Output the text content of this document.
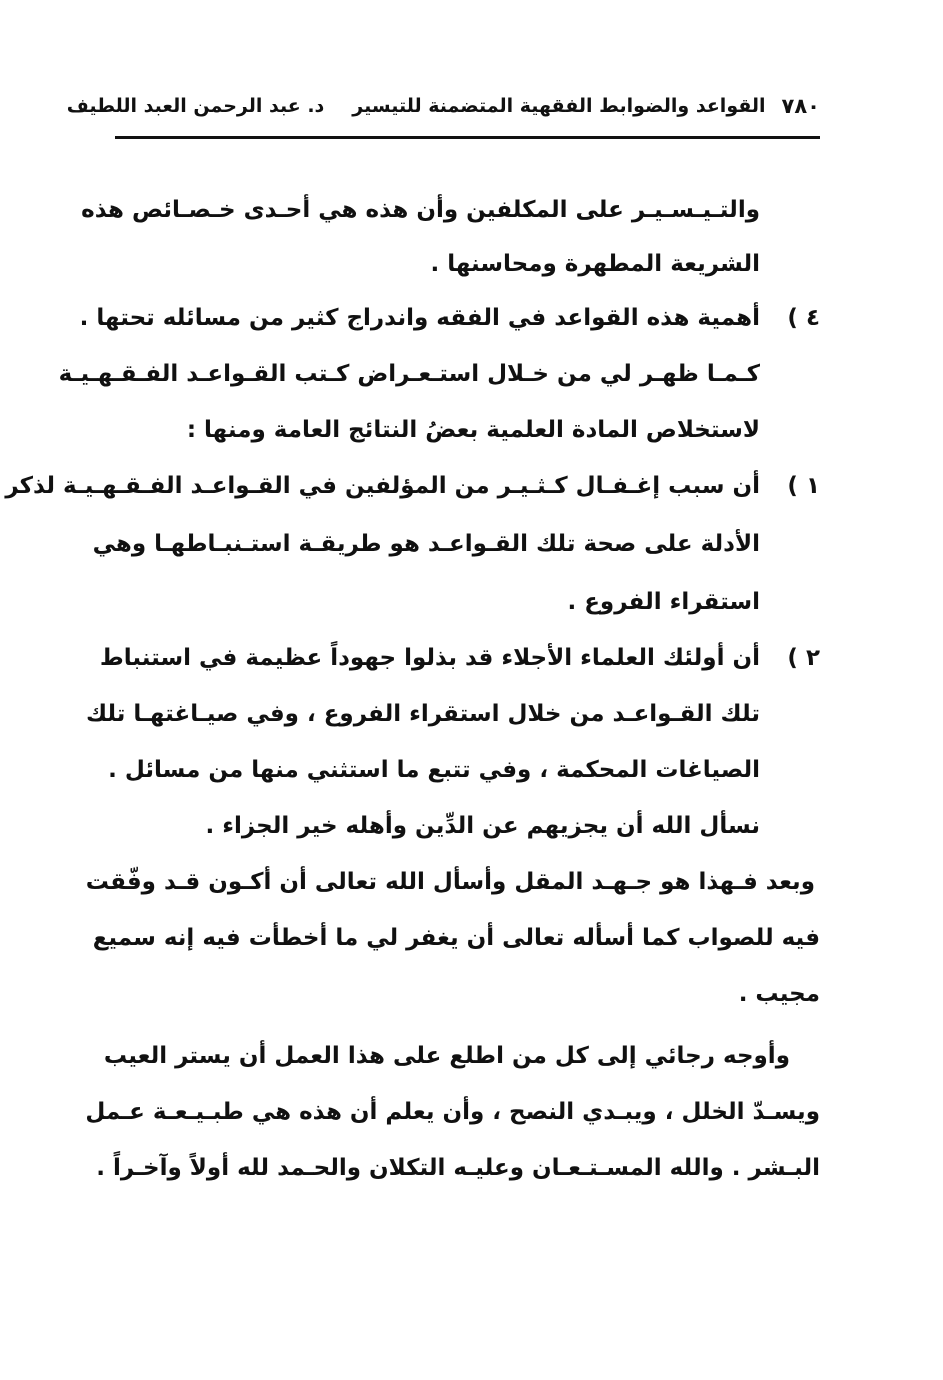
٧٨٠
القواعد والضوابط الفقهية المتضمنة للتيسير
د. عبد الرحمن العبد اللطيف
والتـيـسـيـر على المكلفين وأن هذه هي أحـدى خـصـائص هذه
الشريعة المطهرة ومحاسنها .
٤ )
أهمية هذه القواعد في الفقه واندراج كثير من مسائله تحتها .
كـمـا ظهـر لي من خـلال استـعـراض كـتب القـواعـد الفـقـهـيـة
لاستخلاص المادة العلمية بعضُ النتائج العامة ومنها :
١ )
أن سبب إغـفـال كـثـيـر من المؤلفين في القـواعـد الفـقـهـيـة لذكر
الأدلة على صحة تلك القـواعـد هو طريقـة استـنبـاطهـا وهي
استقراء الفروع .
٢ )
أن أولئك العلماء الأجلاء قد بذلوا جهوداً عظيمة في استنباط
تلك القـواعـد من خلال استقراء الفروع ، وفي صيـاغتهـا تلك
الصياغات المحكمة ، وفي تتبع ما استثني منها من مسائل .
نسأل الله أن يجزيهم عن الدِّين وأهله خير الجزاء .
وبعد فـهذا هو جـهـد المقل وأسأل الله تعالى أن أكـون قـد وفّقت
فيه للصواب كما أسأله تعالى أن يغفر لي ما أخطأت فيه إنه سميع
مجيب .
وأوجه رجائي إلى كل من اطلع على هذا العمل أن يستر العيب
ويسـدّ الخلل ، ويبـدي النصح ، وأن يعلم أن هذه هي طبـيـعـة عـمل
البـشر . والله المسـتـعـان وعليـه التكلان والحـمد لله أولاً وآخـراً .
